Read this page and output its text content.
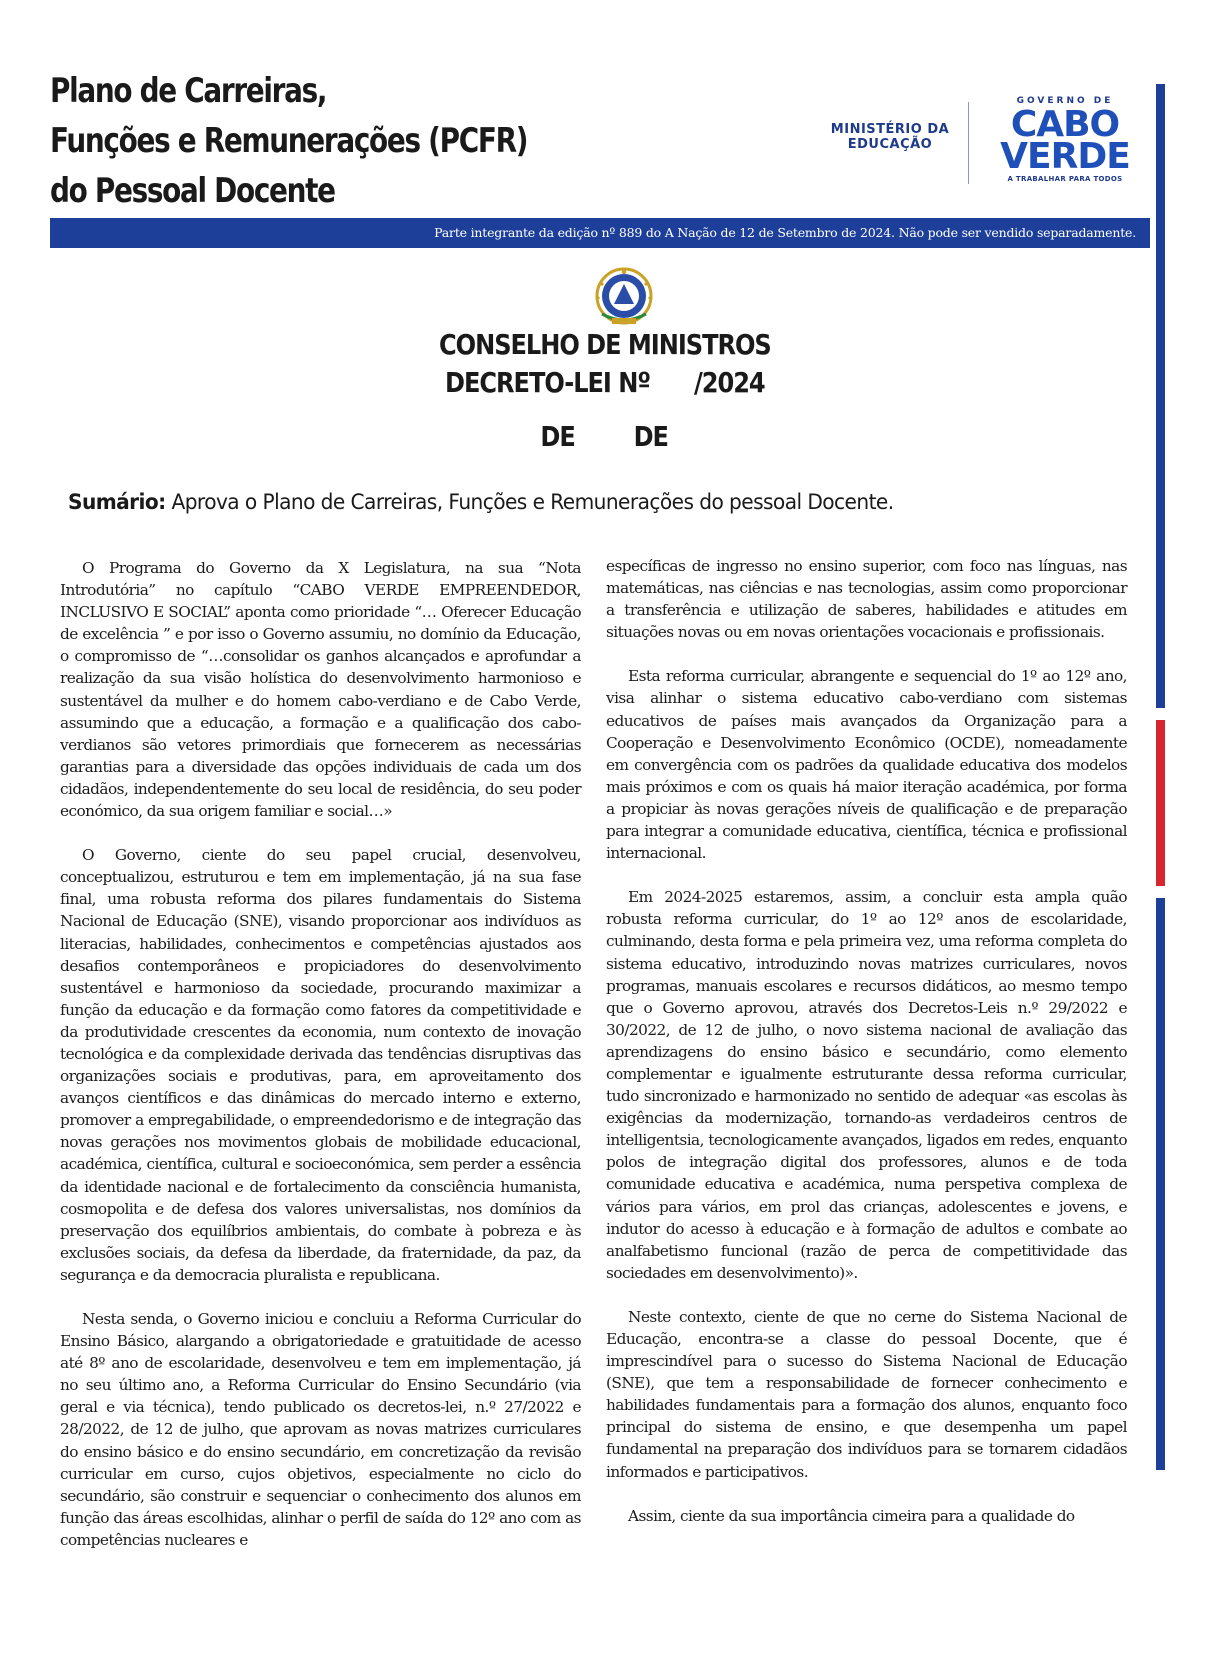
Plano de Carreiras,
Funções e Remunerações (PCFR)
do Pessoal Docente
MINISTÉRIO DA
EDUCAÇÃO
GOVERNO DE
CABO VERDE
A TRABALHAR PARA TODOS
Parte integrante da edição nº 889 do A Nação de 12 de Setembro de 2024. Não pode ser vendido separadamente.
CONSELHO DE MINISTROS
DECRETO-LEI Nº      /2024
DE        DE

Sumário: Aprova o Plano de Carreiras, Funções e Remunerações do pessoal Docente.

O Programa do Governo da X Legislatura, na sua “Nota Introdutória” no capítulo “CABO VERDE EMPREENDEDOR, INCLUSIVO E SOCIAL” aponta como prioridade “… Oferecer Educação de excelência ” e por isso o Governo assumiu, no domínio da Educação, o compromisso de “…consolidar os ganhos alcançados e aprofundar a realização da sua visão holística do desenvolvimento harmonioso e sustentável da mulher e do homem cabo-verdiano e de Cabo Verde, assumindo que a educação, a formação e a qualificação dos cabo-verdianos são vetores primordiais que fornecerem as necessárias garantias para a diversidade das opções individuais de cada um dos cidadãos, independentemente do seu local de residência, do seu poder económico, da sua origem familiar e social…»

O Governo, ciente do seu papel crucial, desenvolveu, conceptualizou, estruturou e tem em implementação, já na sua fase final, uma robusta reforma dos pilares fundamentais do Sistema Nacional de Educação (SNE), visando proporcionar aos indivíduos as literacias, habilidades, conhecimentos e competências ajustados aos desafios contemporâneos e propiciadores do desenvolvimento sustentável e harmonioso da sociedade, procurando maximizar a função da educação e da formação como fatores da competitividade e da produtividade crescentes da economia, num contexto de inovação tecnológica e da complexidade derivada das tendências disruptivas das organizações sociais e produtivas, para, em aproveitamento dos avanços científicos e das dinâmicas do mercado interno e externo, promover a empregabilidade, o empreendedorismo e de integração das novas gerações nos movimentos globais de mobilidade educacional, académica, científica, cultural e socioeconómica, sem perder a essência da identidade nacional e de fortalecimento da consciência humanista, cosmopolita e de defesa dos valores universalistas, nos domínios da preservação dos equilíbrios ambientais, do combate à pobreza e às exclusões sociais, da defesa da liberdade, da fraternidade, da paz, da segurança e da democracia pluralista e republicana.

Nesta senda, o Governo iniciou e concluiu a Reforma Curricular do Ensino Básico, alargando a obrigatoriedade e gratuitidade de acesso até 8º ano de escolaridade, desenvolveu e tem em implementação, já no seu último ano, a Reforma Curricular do Ensino Secundário (via geral e via técnica), tendo publicado os decretos-lei, n.º 27/2022 e 28/2022, de 12 de julho, que aprovam as novas matrizes curriculares do ensino básico e do ensino secundário, em concretização da revisão curricular em curso, cujos objetivos, especialmente no ciclo do secundário, são construir e sequenciar o conhecimento dos alunos em função das áreas escolhidas, alinhar o perfil de saída do 12º ano com as competências nucleares e

específicas de ingresso no ensino superior, com foco nas línguas, nas matemáticas, nas ciências e nas tecnologias, assim como proporcionar a transferência e utilização de saberes, habilidades e atitudes em situações novas ou em novas orientações vocacionais e profissionais.

Esta reforma curricular, abrangente e sequencial do 1º ao 12º ano, visa alinhar o sistema educativo cabo-verdiano com sistemas educativos de países mais avançados da Organização para a Cooperação e Desenvolvimento Econômico (OCDE), nomeadamente em convergência com os padrões da qualidade educativa dos modelos mais próximos e com os quais há maior iteração académica, por forma a propiciar às novas gerações níveis de qualificação e de preparação para integrar a comunidade educativa, científica, técnica e profissional internacional.

Em 2024-2025 estaremos, assim, a concluir esta ampla quão robusta reforma curricular, do 1º ao 12º anos de escolaridade, culminando, desta forma e pela primeira vez, uma reforma completa do sistema educativo, introduzindo novas matrizes curriculares, novos programas, manuais escolares e recursos didáticos, ao mesmo tempo que o Governo aprovou, através dos Decretos-Leis n.º 29/2022 e 30/2022, de 12 de julho, o novo sistema nacional de avaliação das aprendizagens do ensino básico e secundário, como elemento complementar e igualmente estruturante dessa reforma curricular, tudo sincronizado e harmonizado no sentido de adequar «as escolas às exigências da modernização, tornando-as verdadeiros centros de intelligentsia, tecnologicamente avançados, ligados em redes, enquanto polos de integração digital dos professores, alunos e de toda comunidade educativa e académica, numa perspetiva complexa de vários para vários, em prol das crianças, adolescentes e jovens, e indutor do acesso à educação e à formação de adultos e combate ao analfabetismo funcional (razão de perca de competitividade das sociedades em desenvolvimento)».

Neste contexto, ciente de que no cerne do Sistema Nacional de Educação, encontra-se a classe do pessoal Docente, que é imprescindível para o sucesso do Sistema Nacional de Educação (SNE), que tem a responsabilidade de fornecer conhecimento e habilidades fundamentais para a formação dos alunos, enquanto foco principal do sistema de ensino, e que desempenha um papel fundamental na preparação dos indivíduos para se tornarem cidadãos informados e participativos.

Assim, ciente da sua importância cimeira para a qualidade do
